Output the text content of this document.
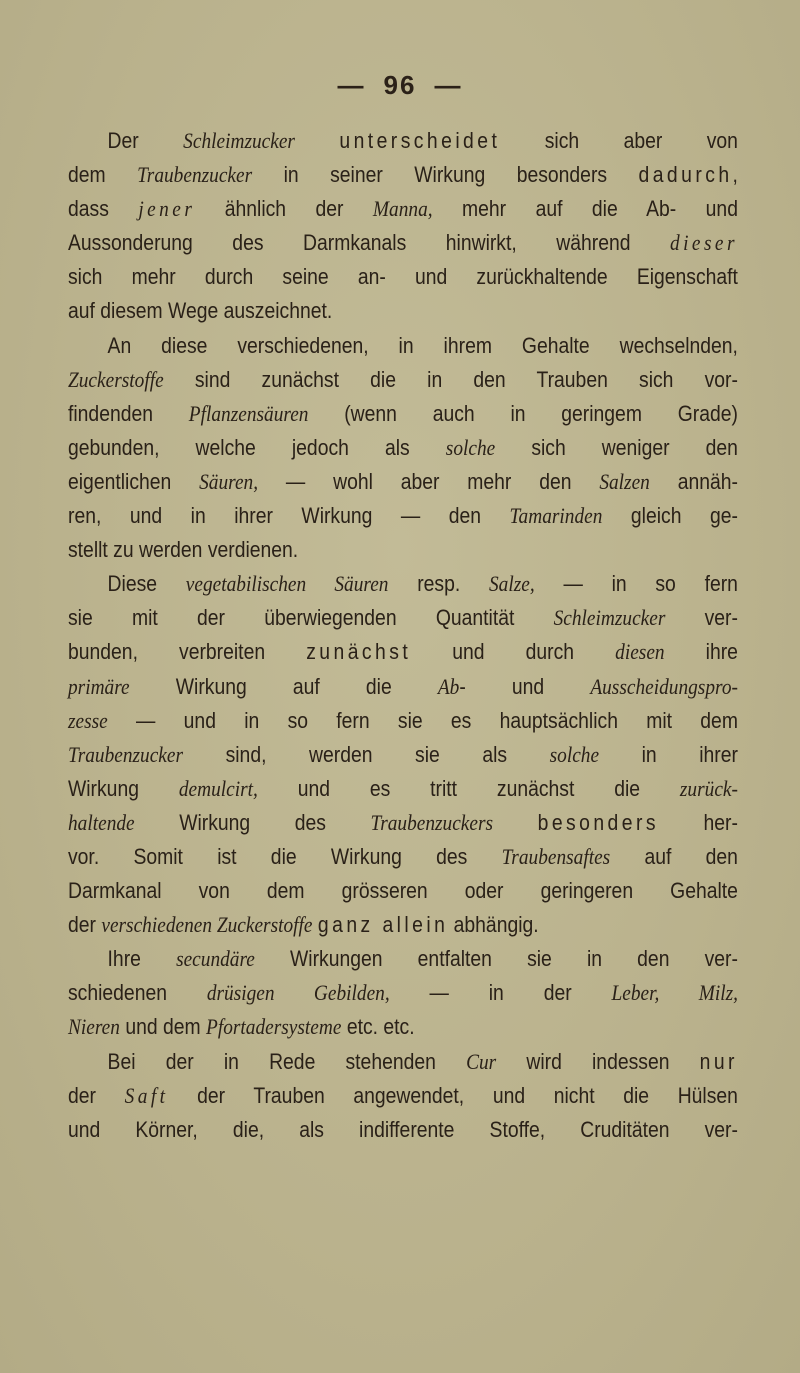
— 96 —
Der Schleimzucker unterscheidet sich aber von
dem Traubenzucker in seiner Wirkung besonders dadurch,
dass jener ähnlich der Manna, mehr auf die Ab- und
Aussonderung des Darmkanals hinwirkt, während dieser
sich mehr durch seine an- und zurückhaltende Eigenschaft
auf diesem Wege auszeichnet.
An diese verschiedenen, in ihrem Gehalte wechselnden,
Zuckerstoffe sind zunächst die in den Trauben sich vor-
findenden Pflanzensäuren (wenn auch in geringem Grade)
gebunden, welche jedoch als solche sich weniger den
eigentlichen Säuren, — wohl aber mehr den Salzen annäh-
ren, und in ihrer Wirkung — den Tamarinden gleich ge-
stellt zu werden verdienen.
Diese vegetabilischen Säuren resp. Salze, — in so fern
sie mit der überwiegenden Quantität Schleimzucker ver-
bunden, verbreiten zunächst und durch diesen ihre
primäre Wirkung auf die Ab- und Ausscheidungspro-
zesse — und in so fern sie es hauptsächlich mit dem
Traubenzucker sind, werden sie als solche in ihrer
Wirkung demulcirt, und es tritt zunächst die zurück-
haltende Wirkung des Traubenzuckers besonders her-
vor. Somit ist die Wirkung des Traubensaftes auf den
Darmkanal von dem grösseren oder geringeren Gehalte
der verschiedenen Zuckerstoffe ganz allein abhängig.
Ihre secundäre Wirkungen entfalten sie in den ver-
schiedenen drüsigen Gebilden, — in der Leber, Milz,
Nieren und dem Pfortadersysteme etc. etc.
Bei der in Rede stehenden Cur wird indessen nur
der Saft der Trauben angewendet, und nicht die Hülsen
und Körner, die, als indifferente Stoffe, Cruditäten ver-
